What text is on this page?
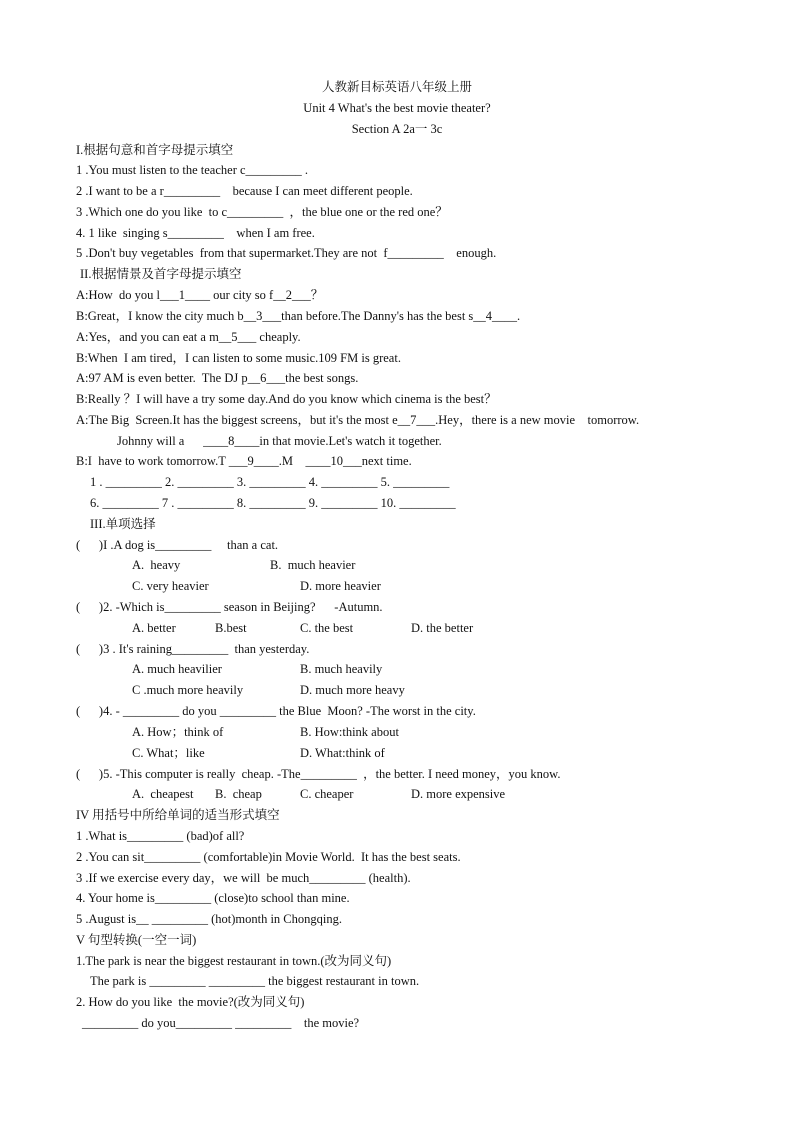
人教新目标英语八年级上册
Unit 4 What's the best movie theater?
Section A 2a一 3c
I.根据句意和首字母提示填空
1 .You must listen to the teacher c_________ .
2 .I want to be a r_________    because I can meet different people.
3 .Which one do you like  to c_________  ，the blue one or the red one？
4. 1 like  singing s_________    when I am free.
5 .Don't buy vegetables  from that supermarket.They are not  f_________    enough.
II.根据情景及首字母提示填空
A:How  do you l___1____ our city so f__2___？
B:Great，I know the city much b__3___than before.The Danny's has the best s__4____.
A:Yes，and you can eat a m__5___ cheaply.
B:When  I am tired，I can listen to some music.109 FM is great.
A:97 AM is even better.  The DJ p__6___the best songs.
B:Really ？I will have a try some day.And do you know which cinema is the best？
A:The Big  Screen.It has the biggest screens，but it's the most e__7___.Hey，there is a new movie    tomorrow.
Johnny will a      ____8____in that movie.Let's watch it together.
B:I  have to work tomorrow.T ___9____.M    ____10___next time.
1 . _________ 2. _________ 3. _________ 4. _________ 5. _________
6. _________ 7 . _________ 8. _________ 9. _________ 10. _________
III.单项选择
(      )I .A dog is_________     than a cat.
A.  heavy	B.  much heavier
C. very heavier	D. more heavier
(      )2. -Which is_________ season in Beijing?      -Autumn.
A. better	B.best	C. the best	D. the better
(      )3 . It's raining_________  than yesterday.
A. much heavilier	B. much heavily
C .much more heavily	D. much more heavy
(      )4. - _________ do you _________ the Blue  Moon? -The worst in the city.
A. How；think of	B. How:think about
C. What；like	D. What:think of
(      )5. -This computer is really  cheap. -The_________  ，the better. I need money，you know.
A.  cheapest B.  cheap	C. cheaper	D. more expensive
IV 用括号中所给单词的适当形式填空
1 .What is_________ (bad)of all?
2 .You can sit_________ (comfortable)in Movie World.  It has the best seats.
3 .If we exercise every day，we will  be much_________ (health).
4. Your home is_________ (close)to school than mine.
5 .August is__ _________ (hot)month in Chongqing.
V 句型转换(一空一词)
1.The park is near the biggest restaurant in town.(改为同义句)
The park is _________ _________ the biggest restaurant in town.
2. How do you like  the movie?(改为同义句)
_________ do you_________ _________    the movie?
